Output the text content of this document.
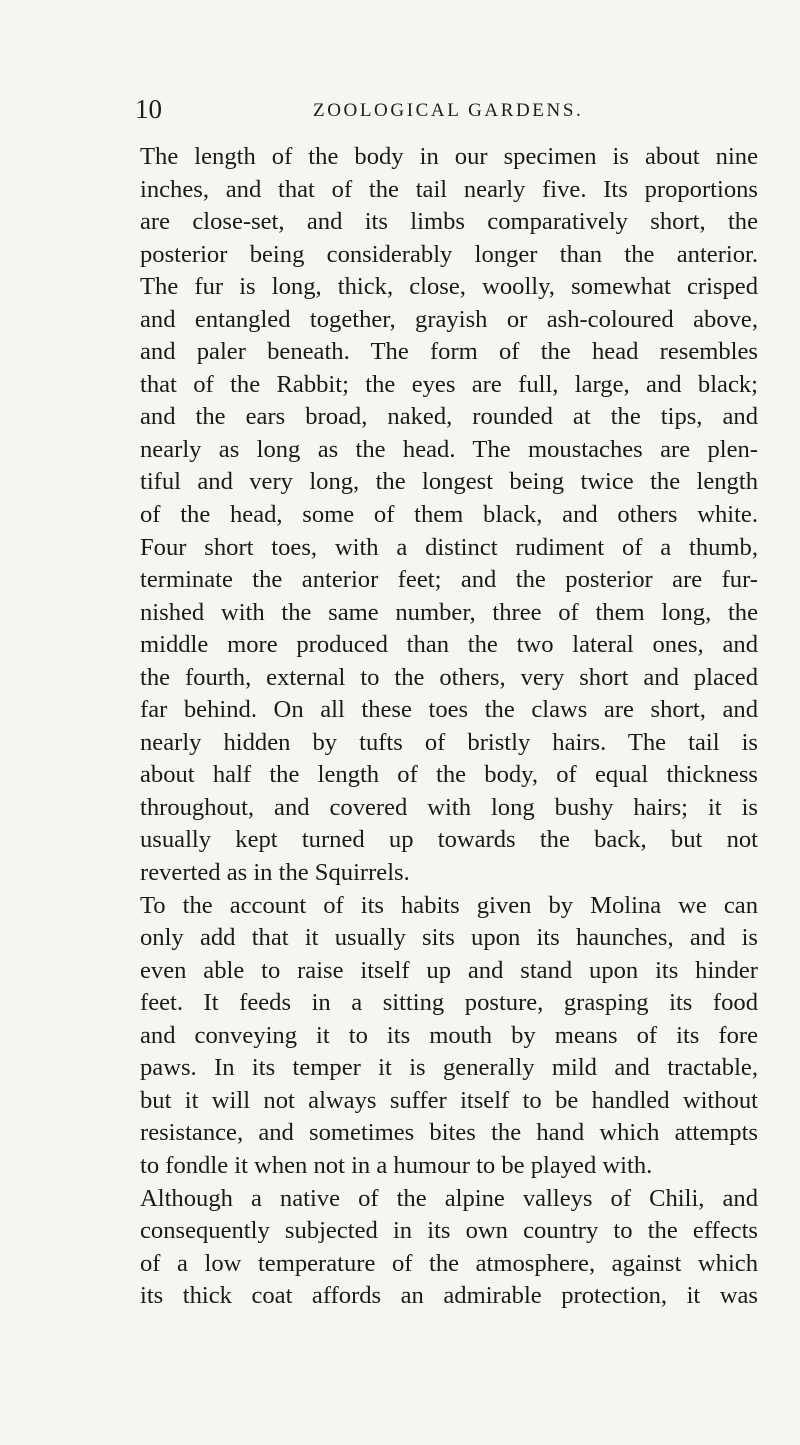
10	ZOOLOGICAL GARDENS.
The length of the body in our specimen is about nine
inches, and that of the tail nearly five. Its proportions
are close-set, and its limbs comparatively short, the
posterior being considerably longer than the anterior.
The fur is long, thick, close, woolly, somewhat crisped
and entangled together, grayish or ash-coloured above,
and paler beneath. The form of the head resembles
that of the Rabbit; the eyes are full, large, and black;
and the ears broad, naked, rounded at the tips, and
nearly as long as the head. The moustaches are plen-
tiful and very long, the longest being twice the length
of the head, some of them black, and others white.
Four short toes, with a distinct rudiment of a thumb,
terminate the anterior feet; and the posterior are fur-
nished with the same number, three of them long, the
middle more produced than the two lateral ones, and
the fourth, external to the others, very short and placed
far behind. On all these toes the claws are short, and
nearly hidden by tufts of bristly hairs. The tail is
about half the length of the body, of equal thickness
throughout, and covered with long bushy hairs; it is
usually kept turned up towards the back, but not
reverted as in the Squirrels.
To the account of its habits given by Molina we can
only add that it usually sits upon its haunches, and is
even able to raise itself up and stand upon its hinder
feet. It feeds in a sitting posture, grasping its food
and conveying it to its mouth by means of its fore
paws. In its temper it is generally mild and tractable,
but it will not always suffer itself to be handled without
resistance, and sometimes bites the hand which attempts
to fondle it when not in a humour to be played with.
Although a native of the alpine valleys of Chili, and
consequently subjected in its own country to the effects
of a low temperature of the atmosphere, against which
its thick coat affords an admirable protection, it was
